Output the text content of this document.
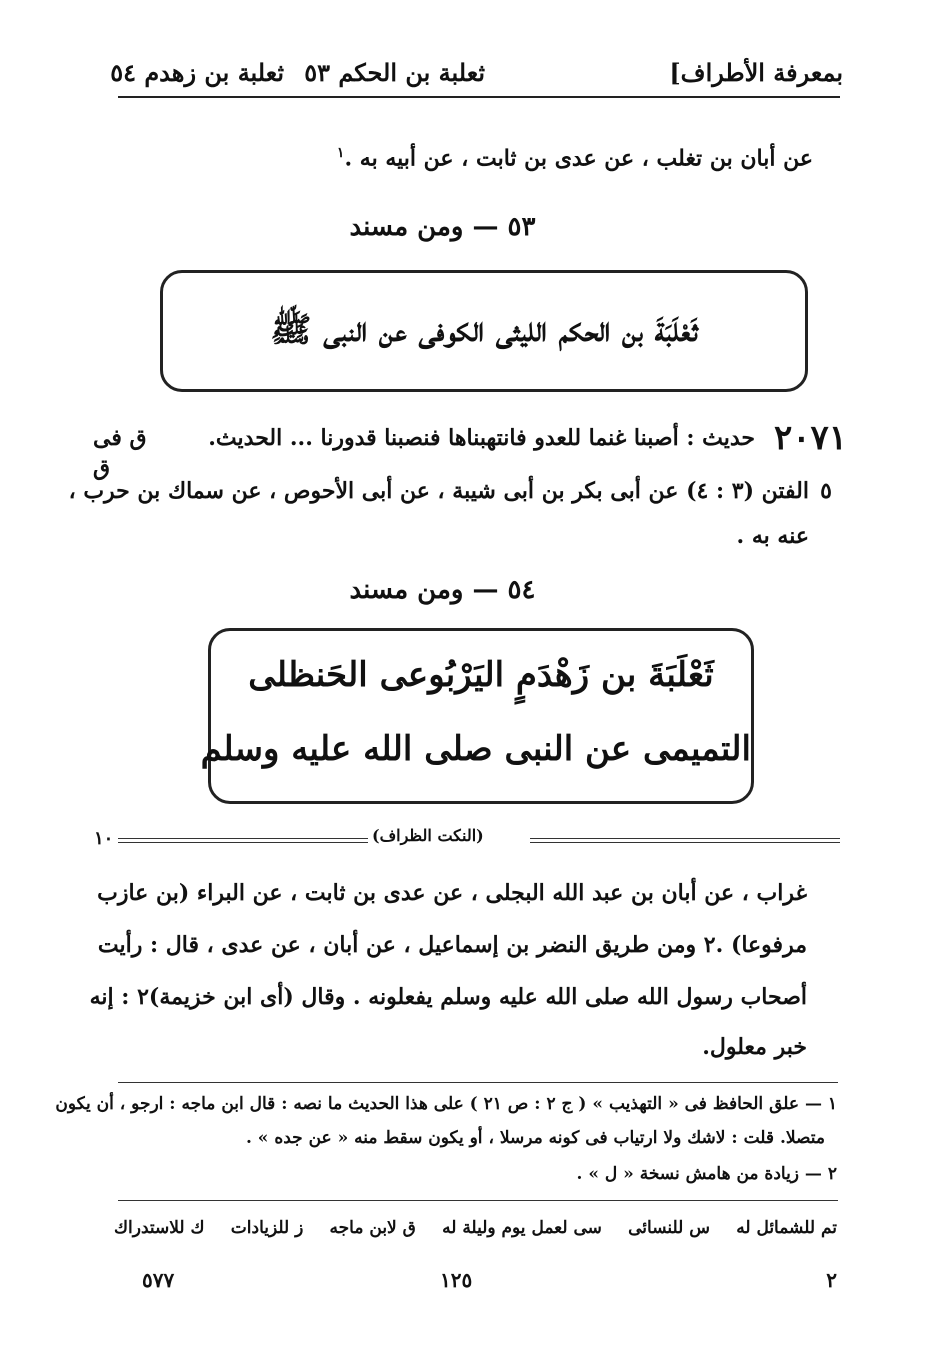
بمعرفة الأطراف]
ثعلبة بن الحكم ٥٣
ثعلبة بن زهدم ٥٤
عن أبان بن تغلب ، عن عدى بن ثابت ، عن أبيه به .$^١$
٥٣ — ومن مسند
ثَعْلَبَةَ بن الحكم الليثى الكوفى عن النبى ﷺ
٢٠٧١
حديث : أصبنا غنما للعدو فانتهبناها فنصبنا قدورنا ... الحديث.
ق فى
ق
الفتن (٣ : ٤) عن أبى بكر بن أبى شيبة ، عن أبى الأحوص ، عن سماك بن حرب ، ٥
عنه به .
٥٤ — ومن مسند
ثَعْلَبَةَ بن زَهْدَمٍ اليَرْبُوعى الحَنظلى
التميمى عن النبى صلى الله عليه وسلم
(النكت الظراف)
١٠
غراب ، عن أبان بن عبد الله البجلى ، عن عدى بن ثابت ، عن البراء (بن عازب
مرفوعا) .٢ ومن طريق النضر بن إسماعيل ، عن أبان ، عن عدى ، قال : رأيت
أصحاب رسول الله صلى الله عليه وسلم يفعلونه . وقال (أى ابن خزيمة)٢ : إنه
خبر معلول.
١ — علق الحافظ فى « التهذيب » ( ج ٢ : ص ٢١ ) على هذا الحديث ما نصه : قال ابن ماجه : ارجو ، أن يكون
متصلا. قلت : لاشك ولا ارتياب فى كونه مرسلا ، أو يكون سقط منه « عن جده » .
٢ — زيادة من هامش نسخة « ل » .
تم للشمائل له
س للنسائى
سى لعمل يوم وليلة له
ق لابن ماجه
ز للزيادات
ك للاستدراك
٢
١٢٥
٥٧٧
